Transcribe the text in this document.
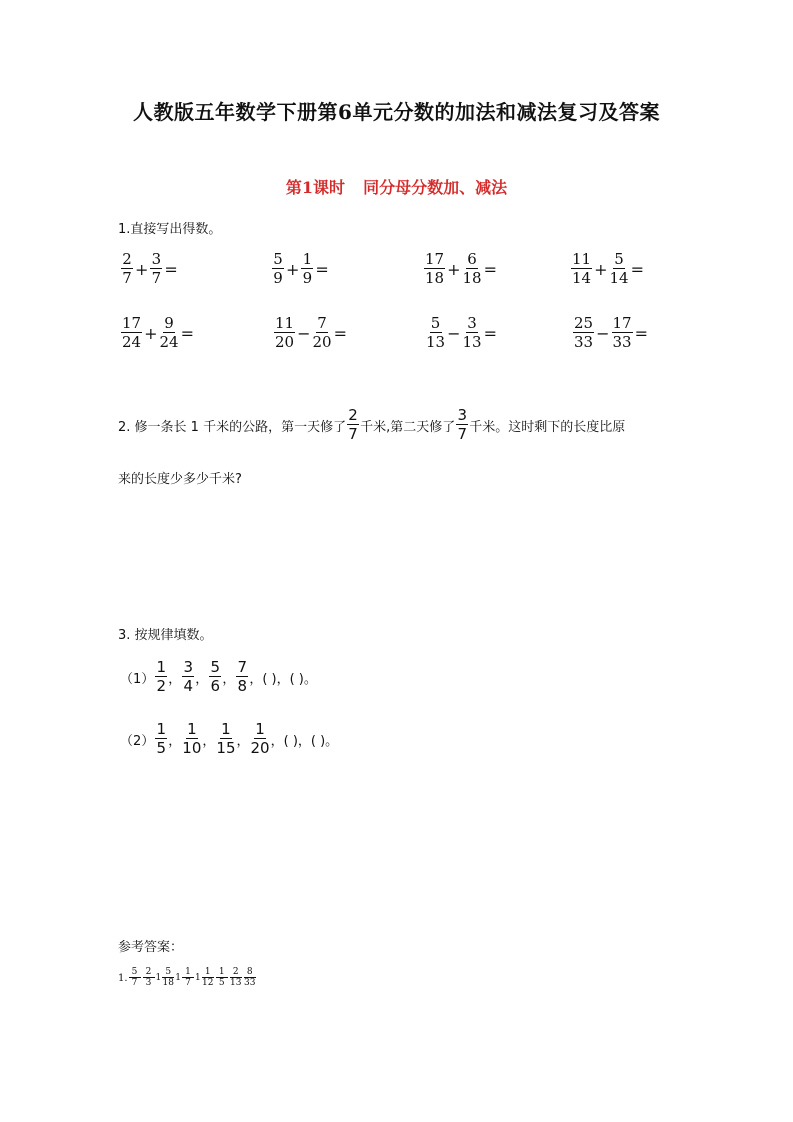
人教版五年数学下册第6单元分数的加法和减法复习及答案
第1课时 同分母分数加、减法
1.直接写出得数。
$\frac{2}{7} + \frac{3}{7}$ =	$\frac{5}{9} + \frac{1}{9}$ =	$\frac{17}{18} + \frac{6}{18}$ =	$\frac{11}{14} + \frac{5}{14}$ =
$\frac{17}{24} + \frac{9}{24}$ =	$\frac{11}{20} - \frac{7}{20}$ =	$\frac{5}{13} - \frac{3}{13}$ =	$\frac{25}{33} - \frac{17}{33}$ =
2. 修一条长 1 千米的公路，第一天修了 $\frac{2}{7}$ 千米,第二天修了 $\frac{3}{7}$ 千米。这时剩下的长度比原
来的长度少多少千米?
3. 按规律填数。
$(1) \frac{1}{2}$ ， $\frac{3}{4}$ ， $\frac{5}{6}$ ， $\frac{7}{8}$ ，( )，( )。
$(2) \frac{1}{5}$ ， $\frac{1}{10}$ ， $\frac{1}{15}$ ， $\frac{1}{20}$ ，( )，( )。
参考答案：
1. $\frac{5}{7} \frac{2}{3} 1 \frac{5}{18} 1 \frac{1}{7} 1 \frac{1}{12} \frac{1}{5} \frac{2}{13} \frac{8}{33}$
